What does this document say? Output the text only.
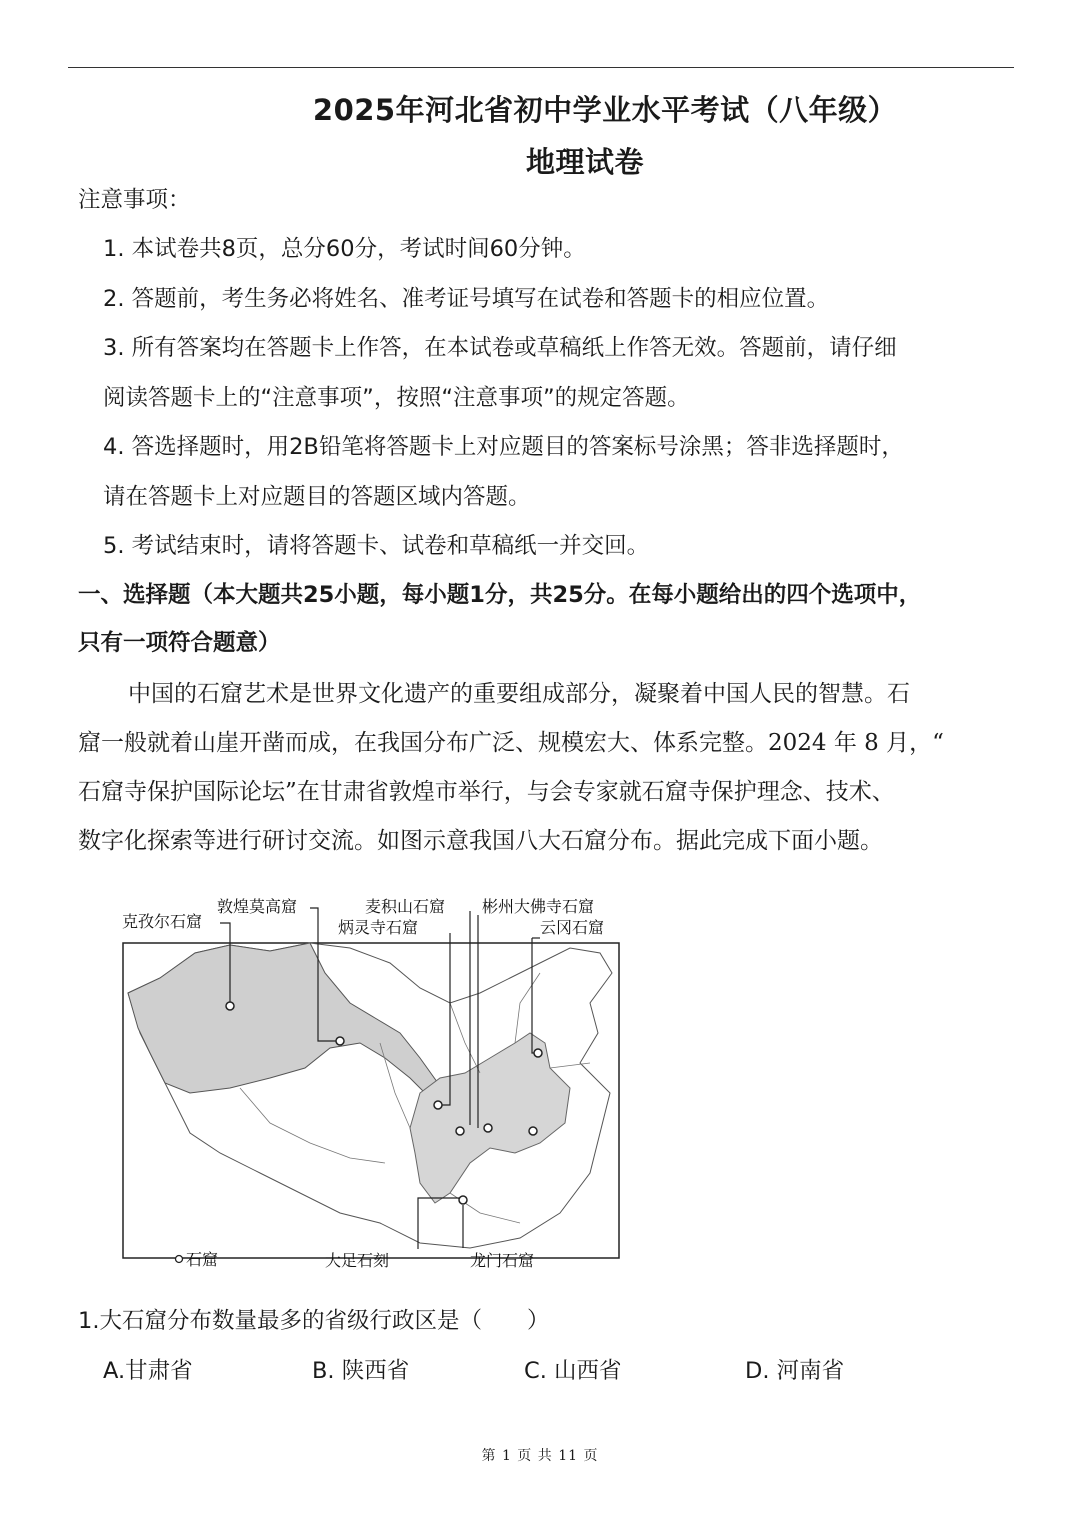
2025年河北省初中学业水平考试（八年级）
地理试卷
注意事项：
1. 本试卷共8页，总分60分，考试时间60分钟。
2. 答题前，考生务必将姓名、准考证号填写在试卷和答题卡的相应位置。
3. 所有答案均在答题卡上作答，在本试卷或草稿纸上作答无效。答题前，请仔细
阅读答题卡上的“注意事项”，按照“注意事项”的规定答题。
4. 答选择题时，用2B铅笔将答题卡上对应题目的答案标号涂黑；答非选择题时，
请在答题卡上对应题目的答题区域内答题。
5. 考试结束时，请将答题卡、试卷和草稿纸一并交回。
一、选择题（本大题共25小题，每小题1分，共25分。在每小题给出的四个选项中，
只有一项符合题意）
中国的石窟艺术是世界文化遗产的重要组成部分，凝聚着中国人民的智慧。石
窟一般就着山崖开凿而成，在我国分布广泛、规模宏大、体系完整。2024 年 8 月，“
石窟寺保护国际论坛”在甘肃省敦煌市举行，与会专家就石窟寺保护理念、技术、
数字化探索等进行研讨交流。如图示意我国八大石窟分布。据此完成下面小题。
克孜尔石窟
敦煌莫高窟	麦积山石窟
炳灵寺石窟
彬州大佛寺石窟
云冈石窟
大足石刻	龙门石窟
石窟
1.大石窟分布数量最多的省级行政区是（　　）
A.甘肃省	B. 陕西省	C. 山西省	D. 河南省
第 1 页 共 11 页
